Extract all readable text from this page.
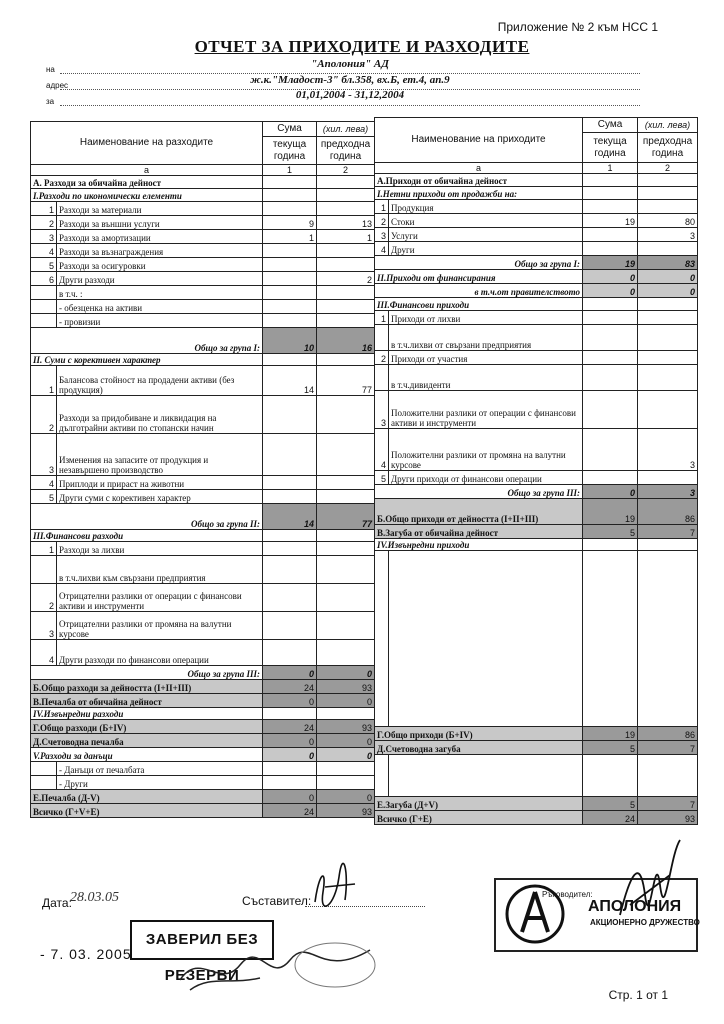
Приложение № 2 към НСС 1
ОТЧЕТ ЗА ПРИХОДИТЕ И РАЗХОДИТЕ
на	"Аполония" АД
адрес	ж.к."Младост-3" бл.358, вх.Б, ет.4, ап.9
за
01,01,2004 - 31,12,2004
Наименование на разходите		Сума	(хил. лева)
		текуща година	предходна година
а		1	2
А. Разходи за обичайна дейност			
I.Разходи по икономически елементи			
1	Разходи за материали		
2	Разходи за външни услуги	9	13
3	Разходи за амортизации	1	1
4	Разходи за възнаграждения		
5	Разходи за осигуровки		
6	Други разходи		2
	в т.ч. :		
	- обезценка на активи		
	- провизии		
Общо за група I:		10	16
II. Суми с корективен характер			
1	Балансова стойност на продадени активи (без продукция)	14	77
2	Разходи за придобиване и ликвидация на дълготрайни активи по стопански начин		
3	Изменения на запасите от продукция и незавършено производство		
4	Приплоди и прираст на животни		
5	Други суми с корективен характер		
Общо за група II:		14	77
III.Финансови разходи			
1	Разходи за лихви		
	в т.ч.лихви към свързани предприятия		
2	Отрицателни разлики от операции с финансови активи и инструменти		
3	Отрицателни разлики от промяна на валутни курсове		
4	Други разходи по финансови операции		
Общо за група III:		0	0
Б.Общо разходи за дейността (I+II+III)		24	93
В.Печалба от обичайна дейност		0	0
IV.Извънредни разходи			
Г.Общо разходи (Б+IV)		24	93
Д.Счетоводна печалба		0	0
V.Разходи за данъци		0	0
	- Данъци от печалбата		
	- Други		
Е.Печалба (Д-V)		0	0
Всичко (Г+V+Е)		24	93
Наименование на приходите		Сума	(хил. лева)
		текуща година	предходна година
а		1	2
А.Приходи от обичайна дейност			
I.Нетни приходи от продажби на:			
1	Продукция		
2	Стоки	19	80
3	Услуги		3
4	Други		
Общо за група I:		19	83
II.Приходи от финансирания		0	0
в т.ч.от правителството		0	0
III.Финансови приходи			
1	Приходи от лихви		
	в т.ч.лихви от свързани предприятия		
2	Приходи от участия		
	в т.ч.дивиденти		
3	Положителни разлики от операции с финансови активи и инструменти		
4	Положителни разлики от промяна на валутни курсове		3
5	Други приходи от финансови операции		
Общо за група III:		0	3
Б.Общо приходи от дейността (I+II+III)		19	86
В.Загуба от обичайна дейност		5	7
IV.Извънредни приходи			

Г.Общо приходи (Б+IV)		19	86
Д.Счетоводна загуба		5	7

Е.Загуба (Д+V)		5	7
Всичко (Г+Е)		24	93
Дата:
28.03.05	Съставител:
- 7. 03. 2005
ЗАВЕРИЛ БЕЗ РЕЗЕРВИ
Ръководител:
АПОЛОНИЯ
АКЦИОНЕРНО ДРУЖЕСТВО
Стр. 1 от 1
